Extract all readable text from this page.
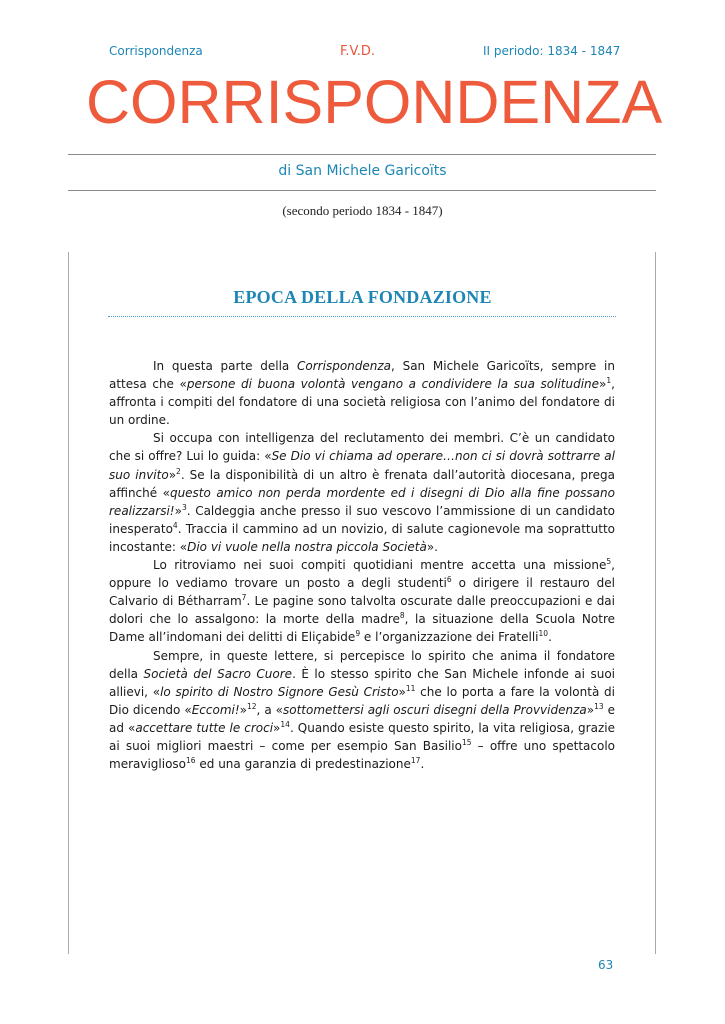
Corrispondenza	F.V.D.	II periodo: 1834 - 1847
CORRISPONDENZA
di San Michele Garicoïts
(secondo periodo 1834 - 1847)
EPOCA DELLA FONDAZIONE

In questa parte della Corrispondenza, San Michele Garicoïts, sempre in attesa che «persone di buona volontà vengano a condividere la sua solitudine»$^1$, affronta i compiti del fondatore di una società religiosa con l’animo del fondatore di un ordine.

Si occupa con intelligenza del reclutamento dei membri. C’è un candidato che si offre? Lui lo guida: «Se Dio vi chiama ad operare…non ci si dovrà sottrarre al suo invito»$^2$. Se la disponibilità di un altro è frenata dall’autorità diocesana, prega affinché «questo amico non perda mordente ed i disegni di Dio alla fine possano realizzarsi!»$^3$. Caldeggia anche presso il suo vescovo l’ammissione di un candidato inesperato$^4$. Traccia il cammino ad un novizio, di salute cagionevole ma soprattutto incostante: «Dio vi vuole nella nostra piccola Società».

Lo ritroviamo nei suoi compiti quotidiani mentre accetta una missione$^5$, oppure lo vediamo trovare un posto a degli studenti$^6$ o dirigere il restauro del Calvario di Bétharram$^7$. Le pagine sono talvolta oscurate dalle preoccupazioni e dai dolori che lo assalgono: la morte della madre$^8$, la situazione della Scuola Notre Dame all’indomani dei delitti di Eliçabide$^9$ e l’organizzazione dei Fratelli$^{10}$.

Sempre, in queste lettere, si percepisce lo spirito che anima il fondatore della Società del Sacro Cuore. È lo stesso spirito che San Michele infonde ai suoi allievi, «lo spirito di Nostro Signore Gesù Cristo»$^{11}$ che lo porta a fare la volontà di Dio dicendo «Eccomi!»$^{12}$, a «sottomettersi agli oscuri disegni della Provvidenza»$^{13}$ e ad «accettare tutte le croci»$^{14}$. Quando esiste questo spirito, la vita religiosa, grazie ai suoi migliori maestri – come per esempio San Basilio$^{15}$ – offre uno spettacolo meraviglioso$^{16}$ ed una garanzia di predestinazione$^{17}$.

63
